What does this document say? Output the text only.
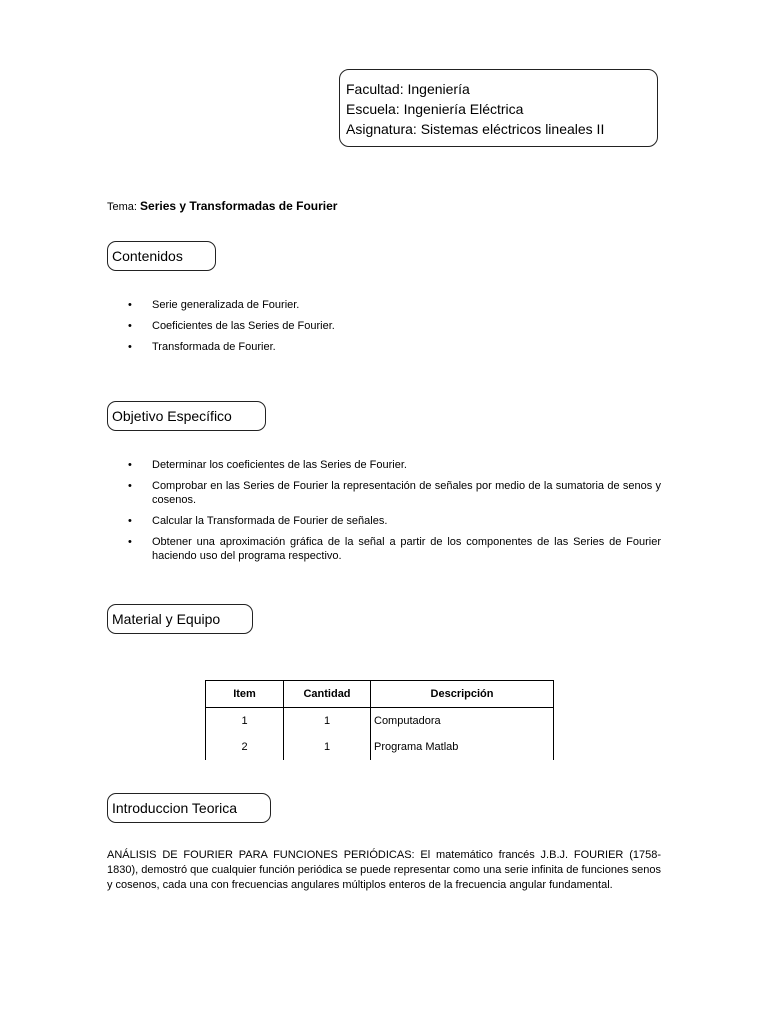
Facultad: Ingeniería
Escuela: Ingeniería Eléctrica
Asignatura: Sistemas eléctricos lineales II
Tema: Series y Transformadas de Fourier
Contenidos
• Serie generalizada de Fourier.
• Coeficientes de las Series de Fourier.
• Transformada de Fourier.
Objetivo Específico
• Determinar los coeficientes de las Series de Fourier.
• Comprobar en las Series de Fourier la representación de señales por medio de la sumatoria de senos y cosenos.
• Calcular la Transformada de Fourier de señales.
• Obtener una aproximación gráfica de la señal a partir de los componentes de las Series de Fourier haciendo uso del programa respectivo.
Material y Equipo
Item	Cantidad	Descripción
1	1	Computadora
2	1	Programa Matlab
Introduccion Teorica
ANÁLISIS DE FOURIER PARA FUNCIONES PERIÓDICAS: El matemático francés J.B.J. FOURIER (1758-1830), demostró que cualquier función periódica se puede representar como una serie infinita de funciones senos y cosenos, cada una con frecuencias angulares múltiplos enteros de la frecuencia angular fundamental.
